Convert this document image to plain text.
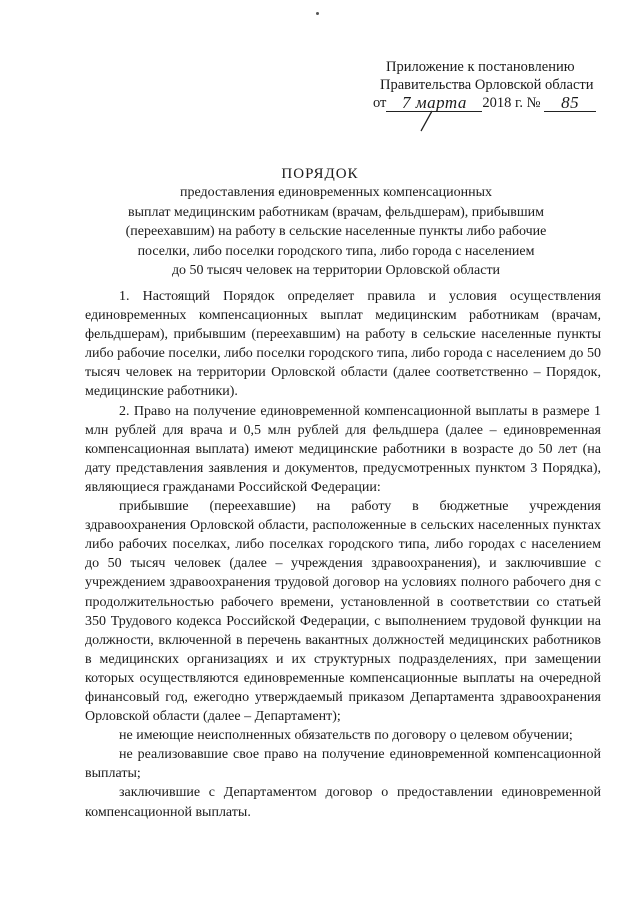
Приложение к постановлению
Правительства Орловской области
от 7 марта 2018 г. № 85
ПОРЯДОК
предоставления единовременных компенсационных
выплат медицинским работникам (врачам, фельдшерам), прибывшим
(переехавшим) на работу в сельские населенные пункты либо рабочие
поселки, либо поселки городского типа, либо города с населением
до 50 тысяч человек на территории Орловской области

1. Настоящий Порядок определяет правила и условия осуществления единовременных компенсационных выплат медицинским работникам (врачам, фельдшерам), прибывшим (переехавшим) на работу в сельские населенные пункты либо рабочие поселки, либо поселки городского типа, либо города с населением до 50 тысяч человек на территории Орловской области (далее соответственно – Порядок, медицинские работники).

2. Право на получение единовременной компенсационной выплаты в размере 1 млн рублей для врача и 0,5 млн рублей для фельдшера (далее – единовременная компенсационная выплата) имеют медицинские работники в возрасте до 50 лет (на дату представления заявления и документов, предусмотренных пунктом 3 Порядка), являющиеся гражданами Российской Федерации:

прибывшие (переехавшие) на работу в бюджетные учреждения здравоохранения Орловской области, расположенные в сельских населенных пунктах либо рабочих поселках, либо поселках городского типа, либо городах с населением до 50 тысяч человек (далее – учреждения здравоохранения), и заключившие с учреждением здравоохранения трудовой договор на условиях полного рабочего дня с продолжительностью рабочего времени, установленной в соответствии со статьей 350 Трудового кодекса Российской Федерации, с выполнением трудовой функции на должности, включенной в перечень вакантных должностей медицинских работников в медицинских организациях и их структурных подразделениях, при замещении которых осуществляются единовременные компенсационные выплаты на очередной финансовый год, ежегодно утверждаемый приказом Департамента здравоохранения Орловской области (далее – Департамент);

не имеющие неисполненных обязательств по договору о целевом обучении;

не реализовавшие свое право на получение единовременной компенсационной выплаты;

заключившие с Департаментом договор о предоставлении единовременной компенсационной выплаты.
